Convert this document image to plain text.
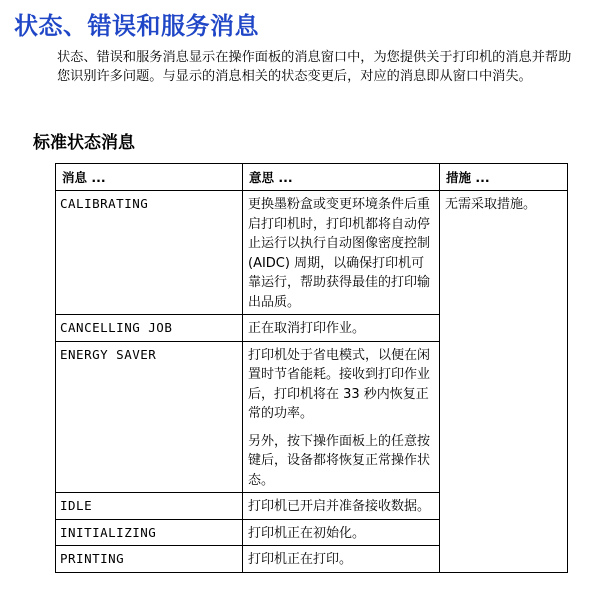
状态、错误和服务消息

状态、错误和服务消息显示在操作面板的消息窗口中，为您提供关于打印机的消息并帮助您识别许多问题。与显示的消息相关的状态变更后，对应的消息即从窗口中消失。

标准状态消息
消息 ...	意思 ...	措施 ...
CALIBRATING	更换墨粉盒或变更环境条件后重启打印机时，打印机都将自动停止运行以执行自动图像密度控制 (AIDC) 周期，以确保打印机可靠运行，帮助获得最佳的打印输出品质。	无需采取措施。
CANCELLING JOB	正在取消打印作业。	

ENERGY SAVER	打印机处于省电模式，以便在闲置时节省能耗。接收到打印作业后，打印机将在 33 秒内恢复正常的功率。

另外，按下操作面板上的任意按键后，设备都将恢复正常操作状态。	

IDLE	打印机已开启并准备接收数据。	

INITIALIZING	打印机正在初始化。	

PRINTING	打印机正在打印。	
